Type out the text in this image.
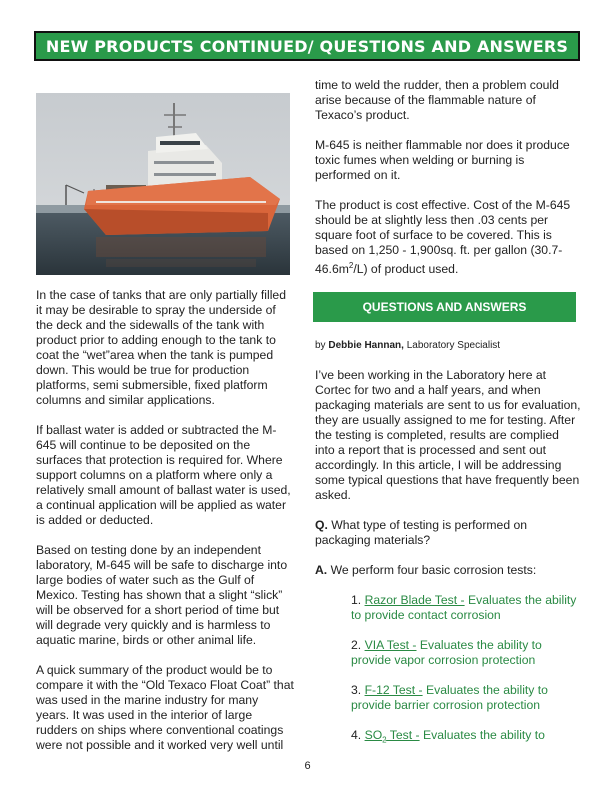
NEW PRODUCTS CONTINUED/ QUESTIONS AND ANSWERS

In the case of tanks that are only partially filled it may be desirable to spray the underside of the deck and the sidewalls of the tank with product prior to adding enough to the tank to coat the “wet”area when the tank is pumped down. This would be true for production platforms, semi submersible, fixed platform columns and similar applications.

If ballast water is added or subtracted the M-645 will continue to be deposited on the surfaces that protection is required for. Where support columns on a platform where only a relatively small amount of ballast water is used, a continual application will be applied as water is added or deducted.

Based on testing done by an independent laboratory, M-645 will be safe to discharge into large bodies of water such as the Gulf of Mexico. Testing has shown that a slight “slick” will be observed for a short period of time but will degrade very quickly and is harmless to aquatic marine, birds or other animal life.

A quick summary of the product would be to compare it with the “Old Texaco Float Coat” that was used in the marine industry for many years. It was used in the interior of large rudders on ships where conventional coatings were not possible and it worked very well until

time to weld the rudder, then a problem could arise because of the flammable nature of Texaco’s product.

M-645 is neither flammable nor does it produce toxic fumes when welding or burning is performed on it.

The product is cost effective. Cost of the M-645 should be at slightly less then .03 cents per square foot of surface to be covered. This is based on 1,250 - 1,900sq. ft. per gallon $(30.7-46.6m^2/L)$ of product used.

QUESTIONS AND ANSWERS

by Debbie Hannan, Laboratory Specialist

I’ve been working in the Laboratory here at Cortec for two and a half years, and when packaging materials are sent to us for evaluation, they are usually assigned to me for testing. After the testing is completed, results are complied into a report that is processed and sent out accordingly. In this article, I will be addressing some typical questions that have frequently been asked.

Q. What type of testing is performed on packaging materials?

A. We perform four basic corrosion tests:

1. Razor Blade Test - Evaluates the ability to provide contact corrosion

2. VIA Test - Evaluates the ability to provide vapor corrosion protection

3. F-12 Test - Evaluates the ability to provide barrier corrosion protection

4. $SO_2$ Test - Evaluates the ability to

6
